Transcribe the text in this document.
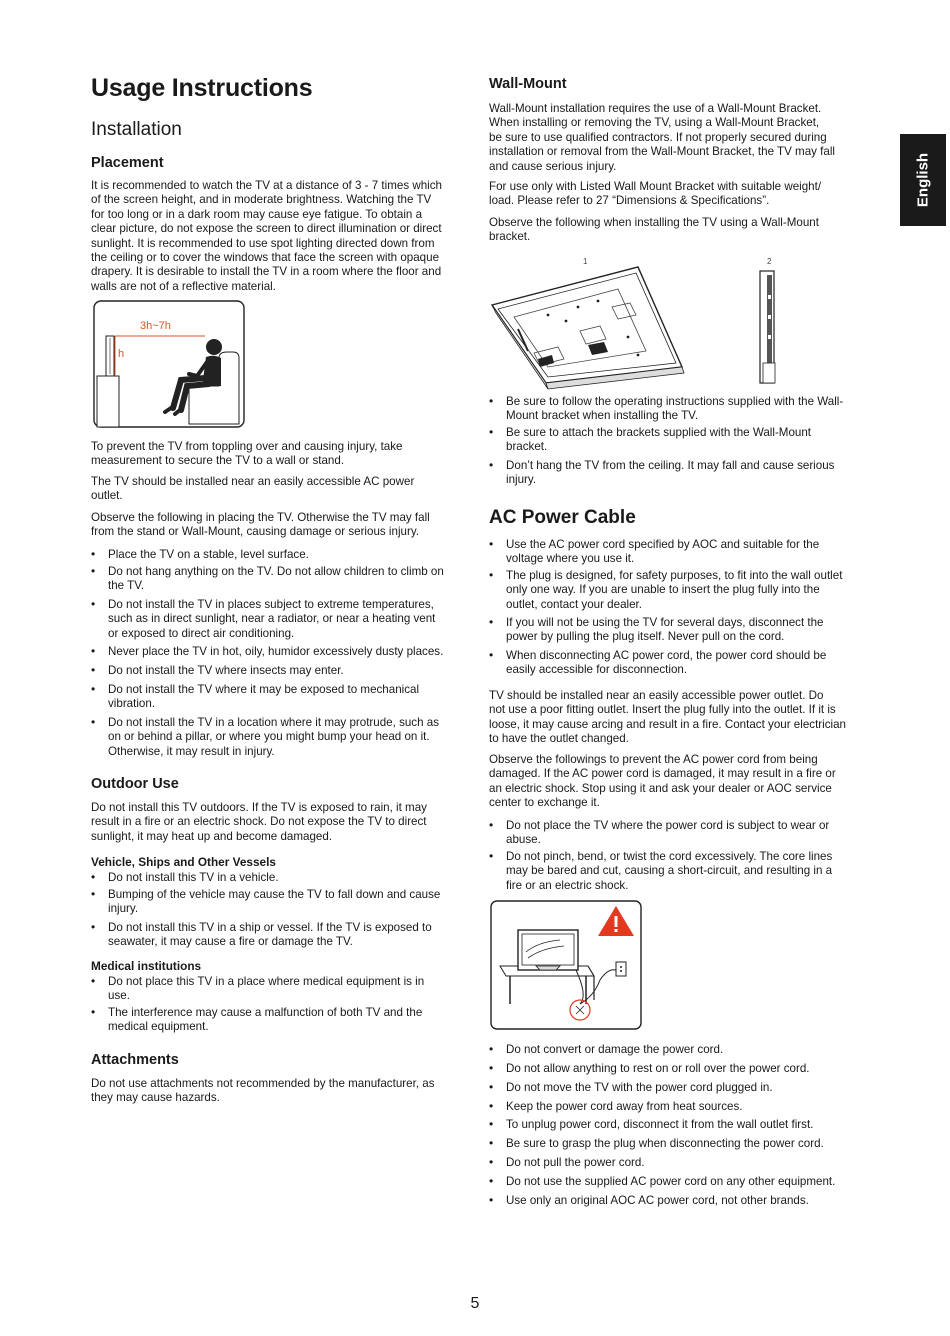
English
Usage Instructions
Installation
Placement

It is recommended to watch the TV at a distance of 3 - 7 times which

of the screen height, and in moderate brightness. Watching the TV

for too long or in a dark room may cause eye fatigue. To obtain a

clear picture, do not expose the screen to direct illumination or direct

sunlight. It is recommended to use spot lighting directed down from

the ceiling or to cover the windows that face the screen with opaque

drapery. It is desirable to install the TV in a room where the floor and

walls are not of a reflective material.

3h~7h
h

To prevent the TV from toppling over and causing injury, take

measurement to secure the TV to a wall or stand.

The TV should be installed near an easily accessible AC power

outlet.

Observe the following in placing the TV. Otherwise the TV may fall

from the stand or Wall-Mount, causing damage or serious injury.

• Place the TV on a stable, level surface.

• Do not hang anything on the TV. Do not allow children to climb on

the TV.

• Do not install the TV in places subject to extreme temperatures,

such as in direct sunlight, near a radiator, or near a heating vent

or exposed to direct air conditioning.

• Never place the TV in hot, oily, humidor excessively dusty places.

• Do not install the TV where insects may enter.

• Do not install the TV where it may be exposed to mechanical

vibration.

• Do not install the TV in a location where it may protrude, such as

on or behind a pillar, or where you might bump your head on it.

Otherwise, it may result in injury.

Outdoor Use

Do not install this TV outdoors. If the TV is exposed to rain, it may

result in a fire or an electric shock. Do not expose the TV to direct

sunlight, it may heat up and become damaged.

Vehicle, Ships and Other Vessels

• Do not install this TV in a vehicle.

• Bumping of the vehicle may cause the TV to fall down and cause

injury.

• Do not install this TV in a ship or vessel. If the TV is exposed to

seawater, it may cause a fire or damage the TV.

Medical institutions

• Do not place this TV in a place where medical equipment is in

use.

• The interference may cause a malfunction of both TV and the

medical equipment.

Attachments

Do not use attachments not recommended by the manufacturer, as

they may cause hazards.

Wall-Mount

Wall-Mount installation requires the use of a Wall-Mount Bracket.

When installing or removing the TV, using a Wall-Mount Bracket,

be sure to use qualified contractors. If not properly secured during

installation or removal from the Wall-Mount Bracket, the TV may fall

and cause serious injury.

For use only with Listed Wall Mount Bracket with suitable weight/

load. Please refer to 27 “Dimensions & Specifications”.

Observe the following when installing the TV using a Wall-Mount

bracket.

1	2

• Be sure to follow the operating instructions supplied with the Wall-

Mount bracket when installing the TV.

• Be sure to attach the brackets supplied with the Wall-Mount

bracket.

• Don’t hang the TV from the ceiling. It may fall and cause serious

injury.

AC Power Cable

• Use the AC power cord specified by AOC and suitable for the

voltage where you use it.

• The plug is designed, for safety purposes, to fit into the wall outlet

only one way. If you are unable to insert the plug fully into the

outlet, contact your dealer.

• If you will not be using the TV for several days, disconnect the

power by pulling the plug itself. Never pull on the cord.

• When disconnecting AC power cord, the power cord should be

easily accessible for disconnection.

TV should be installed near an easily accessible power outlet. Do

not use a poor fitting outlet. Insert the plug fully into the outlet. If it is

loose, it may cause arcing and result in a fire. Contact your electrician

to have the outlet changed.

Observe the followings to prevent the AC power cord from being

damaged. If the AC power cord is damaged, it may result in a fire or

an electric shock. Stop using it and ask your dealer or AOC service

center to exchange it.

• Do not place the TV where the power cord is subject to wear or

abuse.

• Do not pinch, bend, or twist the cord excessively. The core lines

may be bared and cut, causing a short-circuit, and resulting in a

fire or an electric shock.

• Do not convert or damage the power cord.

• Do not allow anything to rest on or roll over the power cord.

• Do not move the TV with the power cord plugged in.

• Keep the power cord away from heat sources.

• To unplug power cord, disconnect it from the wall outlet first.

• Be sure to grasp the plug when disconnecting the power cord.

• Do not pull the power cord.

• Do not use the supplied AC power cord on any other equipment.

• Use only an original AOC AC power cord, not other brands.

5
